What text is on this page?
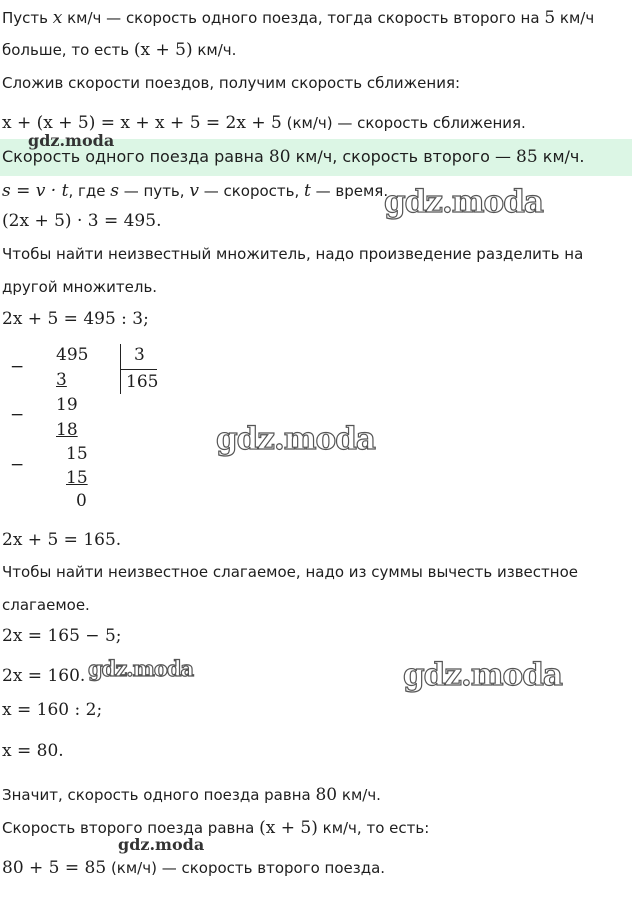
Пусть x км/ч — скорость одного поезда, тогда скорость второго на 5 км/ч
больше, то есть (x + 5) км/ч.
Сложив скорости поездов, получим скорость сближения:
x + (x + 5) = x + x + 5 = 2x + 5 (км/ч) — скорость сближения.
Скорость одного поезда равна 80 км/ч, скорость второго — 85 км/ч.
s = v · t, где s — путь, v — скорость, t — время.
(2x + 5) · 3 = 495.
Чтобы найти неизвестный множитель, надо произведение разделить на
другой множитель.
2x + 5 = 495 : 3;
−
−
−
495
3
19
18
15
15
0
3
165
2x + 5 = 165.
Чтобы найти неизвестное слагаемое, надо из суммы вычесть известное
слагаемое.
2x = 165 − 5;
2x = 160.
x = 160 : 2;
x = 80.
Значит, скорость одного поезда равна 80 км/ч.
Скорость второго поезда равна (x + 5) км/ч, то есть:
80 + 5 = 85 (км/ч) — скорость второго поезда.
gdz.moda
gdz.moda
gdz.moda
gdz.moda	gdz.moda
gdz.moda
